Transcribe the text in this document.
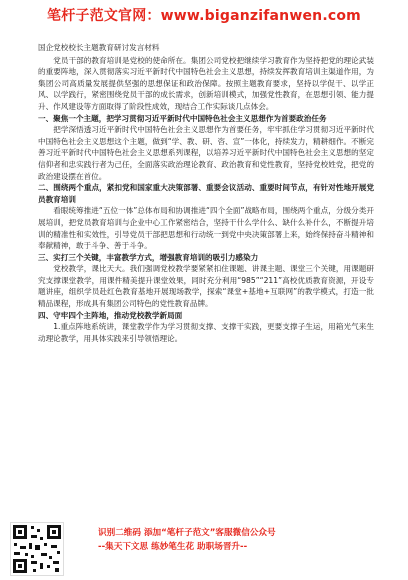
笔杆子范文官网：www.biganzifanwen.com

国企党校校长主题教育研讨发言材料

党员干部的教育培训是党校的使命所在。集团公司党校把继续学习教育作为坚持把党的理论武装的重要阵地，深入贯彻落实习近平新时代中国特色社会主义思想，持续发挥教育培训主渠道作用，为集团公司高质量发展提供坚强的思想保证和政治保障。按照主题教育要求，坚持以学促干、以学正风、以学践行，紧密围绕党员干部的成长需求，创新培训模式，加强党性教育，在思想引领、能力提升、作风建设等方面取得了阶段性成效，现结合工作实际谈几点体会。

一、聚焦一个主题，把学习贯彻习近平新时代中国特色社会主义思想作为首要政治任务

把学深悟透习近平新时代中国特色社会主义思想作为首要任务，牢牢抓住学习贯彻习近平新时代中国特色社会主义思想这个主题，做到“学、教、研、咨、宣”一体化，持续发力，精耕细作。不断完善习近平新时代中国特色社会主义思想系列课程，以培养习近平新时代中国特色社会主义思想的坚定信仰者和忠实践行者为己任，全面落实政治理论教育、政治教育和党性教育，坚持党校姓党，把党的政治建设摆在首位。

二、围绕两个重点，紧扣党和国家重大决策部署、重要会议活动、重要时间节点，有针对性地开展党员教育培训

看眼统筹推进“五位一体”总体布局和协调推进“四个全面”战略布局，围绕两个重点，分级分类开展培训，把党员教育培训与企业中心工作紧密结合，坚持干什么学什么、缺什么补什么，不断提升培训的精准性和实效性，引导党员干部把思想和行动统一到党中央决策部署上来，始终保持奋斗精神和奉献精神，敢于斗争、善于斗争。

三、实打三个关键，丰富教学方式，增强教育培训的吸引力感染力

党校教学，课比天大。我们强调党校教学要紧紧扣住课题、讲课主题、课堂三个关键，用课题研究支撑课堂教学，用课件精美提升课堂效果，同时充分利用“985”“211”高校优质教育资源，开设专题讲座，组织学员赴红色教育基地开展现场教学，探索“课堂+基地+互联网”的教学模式，打造一批精品课程，形成具有集团公司特色的党性教育品牌。

四、守牢四个主阵地，推动党校教学新局面

1.重点阵地系统讲，课堂教学作为学习贯彻支撑、支撑干实践，更要支撑子生运，用箱光气来生动理论教学，用具体实践来引导领悟理论。

识别二维码 添加“笔杆子范文”客服微信公众号
--集天下文思 练妙笔生花 助职场晋升--
